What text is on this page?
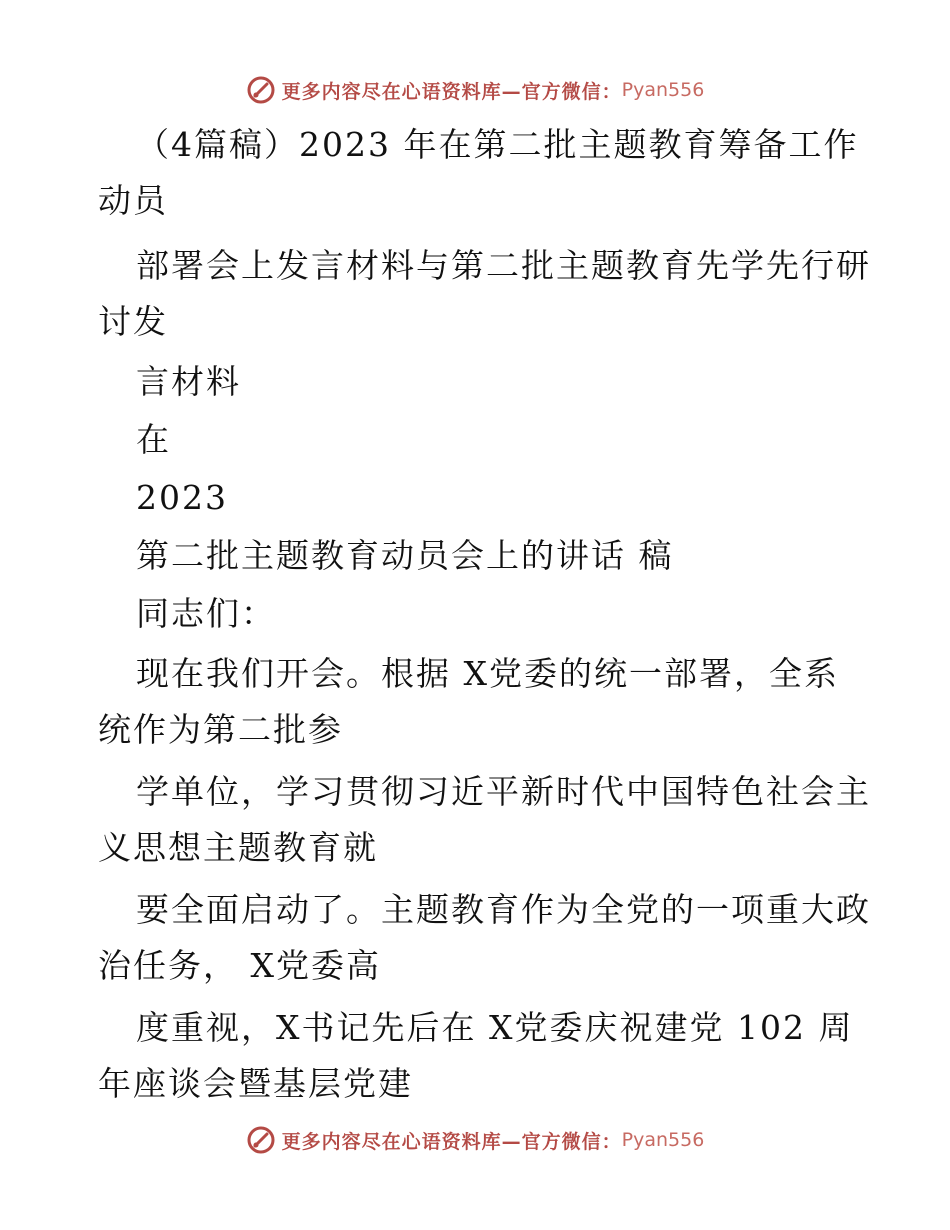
更多内容尽在心语资料库—官方微信： Pyan556
（4篇稿）2023 年在第二批主题教育筹备工作
动员
部署会上发言材料与第二批主题教育先学先行研
讨发
言材料
在
2023
第二批主题教育动员会上的讲话 稿
同志们：
现在我们开会。根据 X党委的统一部署，全系
统作为第二批参
学单位，学习贯彻习近平新时代中国特色社会主
义思想主题教育就
要全面启动了。主题教育作为全党的一项重大政
治任务， X党委高
度重视，X书记先后在 X党委庆祝建党 102 周
年座谈会暨基层党建
更多内容尽在心语资料库—官方微信： Pyan556
